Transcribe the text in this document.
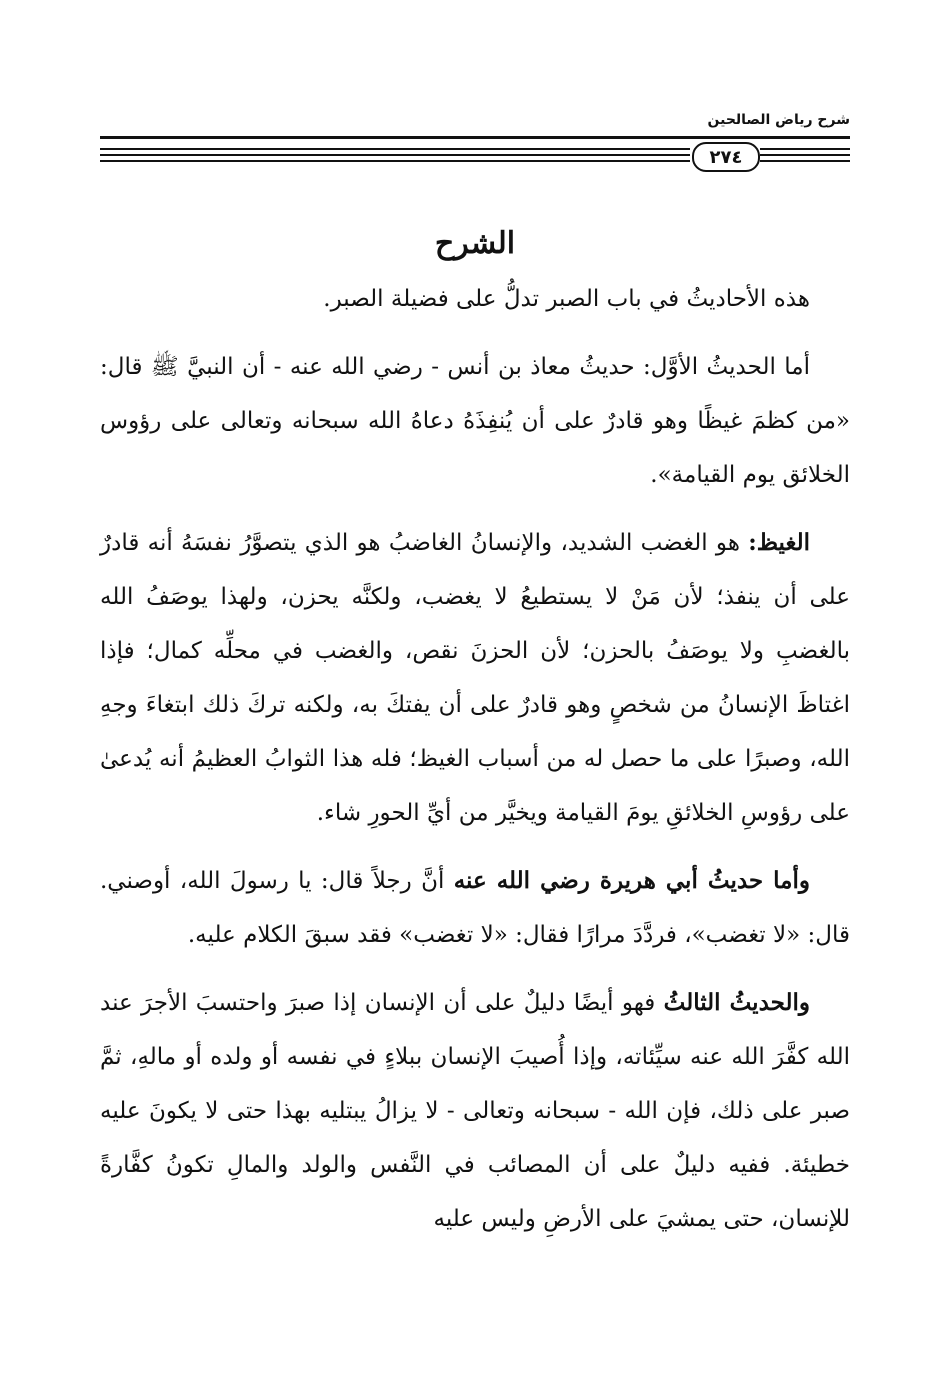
شرح رياض الصالحين
٢٧٤
الشرح

هذه الأحاديثُ في باب الصبر تدلُّ على فضيلة الصبر.

أما الحديثُ الأوَّل: حديثُ معاذ بن أنس - رضي الله عنه - أن النبيَّ ﷺ قال: «من كظمَ غيظًا وهو قادرٌ على أن يُنفِذَهُ دعاهُ الله سبحانه وتعالى على رؤوس الخلائق يوم القيامة».

الغيظ: هو الغضب الشديد، والإنسانُ الغاضبُ هو الذي يتصوَّرُ نفسَهُ أنه قادرٌ على أن ينفذ؛ لأن مَنْ لا يستطيعُ لا يغضب، ولكنَّه يحزن، ولهذا يوصَفُ الله بالغضبِ ولا يوصَفُ بالحزن؛ لأن الحزنَ نقص، والغضب في محلِّه كمال؛ فإذا اغتاظَ الإنسانُ من شخصٍ وهو قادرٌ على أن يفتكَ به، ولكنه تركَ ذلك ابتغاءَ وجهِ الله، وصبرًا على ما حصل له من أسباب الغيظ؛ فله هذا الثوابُ العظيمُ أنه يُدعىٰ على رؤوسِ الخلائقِ يومَ القيامة ويخيَّر من أيِّ الحورِ شاء.

وأما حديثُ أبي هريرة رضي الله عنه أنَّ رجلاً قال: يا رسولَ الله، أوصني. قال: «لا تغضب»، فردَّدَ مرارًا فقال: «لا تغضب» فقد سبقَ الكلام عليه.

والحديثُ الثالثُ فهو أيضًا دليلٌ على أن الإنسان إذا صبرَ واحتسبَ الأجرَ عند الله كفَّرَ الله عنه سيِّئاته، وإذا أُصيبَ الإنسان ببلاءٍ في نفسه أو ولده أو مالهِ، ثمَّ صبر على ذلك، فإن الله - سبحانه وتعالى - لا يزالُ يبتليه بهذا حتى لا يكونَ عليه خطيئة. ففيه دليلٌ على أن المصائب في النَّفس والولد والمالِ تكونُ كفَّارةً للإنسان، حتى يمشيَ على الأرضِ وليس عليه
